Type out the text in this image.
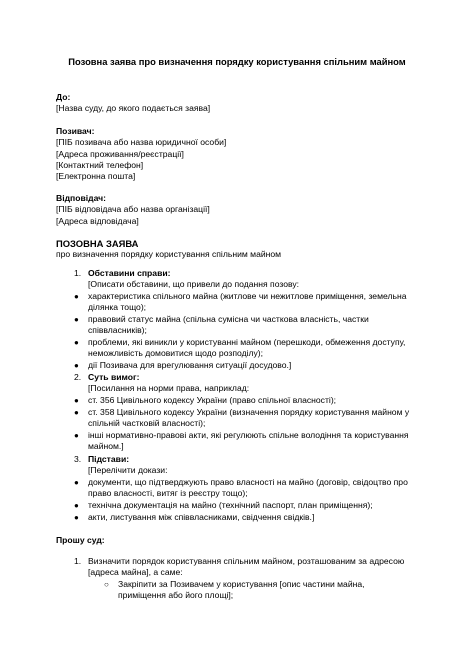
Позовна заява про визначення порядку користування спільним майном
До:
[Назва суду, до якого подається заява]
Позивач:
[ПІБ позивача або назва юридичної особи]
[Адреса проживання/реєстрації]
[Контактний телефон]
[Електронна пошта]
Відповідач:
[ПІБ відповідача або назва організації]
[Адреса відповідача]
ПОЗОВНА ЗАЯВА
про визначення порядку користування спільним майном
1. Обставини справи:
[Описати обставини, що привели до подання позову:
●	характеристика спільного майна (житлове чи нежитлове приміщення, земельна
ділянка тощо);
●	правовий статус майна (спільна сумісна чи часткова власність, частки
співвласників);
●	проблеми, які виникли у користуванні майном (перешкоди, обмеження доступу,
неможливість домовитися щодо розподілу);
●	дії Позивача для врегулювання ситуації досудово.]
2. Суть вимог:
[Посилання на норми права, наприклад:
●	ст. 356 Цивільного кодексу України (право спільної власності);
●	ст. 358 Цивільного кодексу України (визначення порядку користування майном у
спільній частковій власності);
●	інші нормативно-правові акти, які регулюють спільне володіння та користування
майном.]
3. Підстави:
[Перелічити докази:
●	документи, що підтверджують право власності на майно (договір, свідоцтво про
право власності, витяг із реєстру тощо);
●	технічна документація на майно (технічний паспорт, план приміщення);
●	акти, листування між співвласниками, свідчення свідків.]
Прошу суд:
1. Визначити порядок користування спільним майном, розташованим за адресою
[адреса майна], а саме:
○	Закріпити за Позивачем у користування [опис частини майна,
приміщення або його площі];
